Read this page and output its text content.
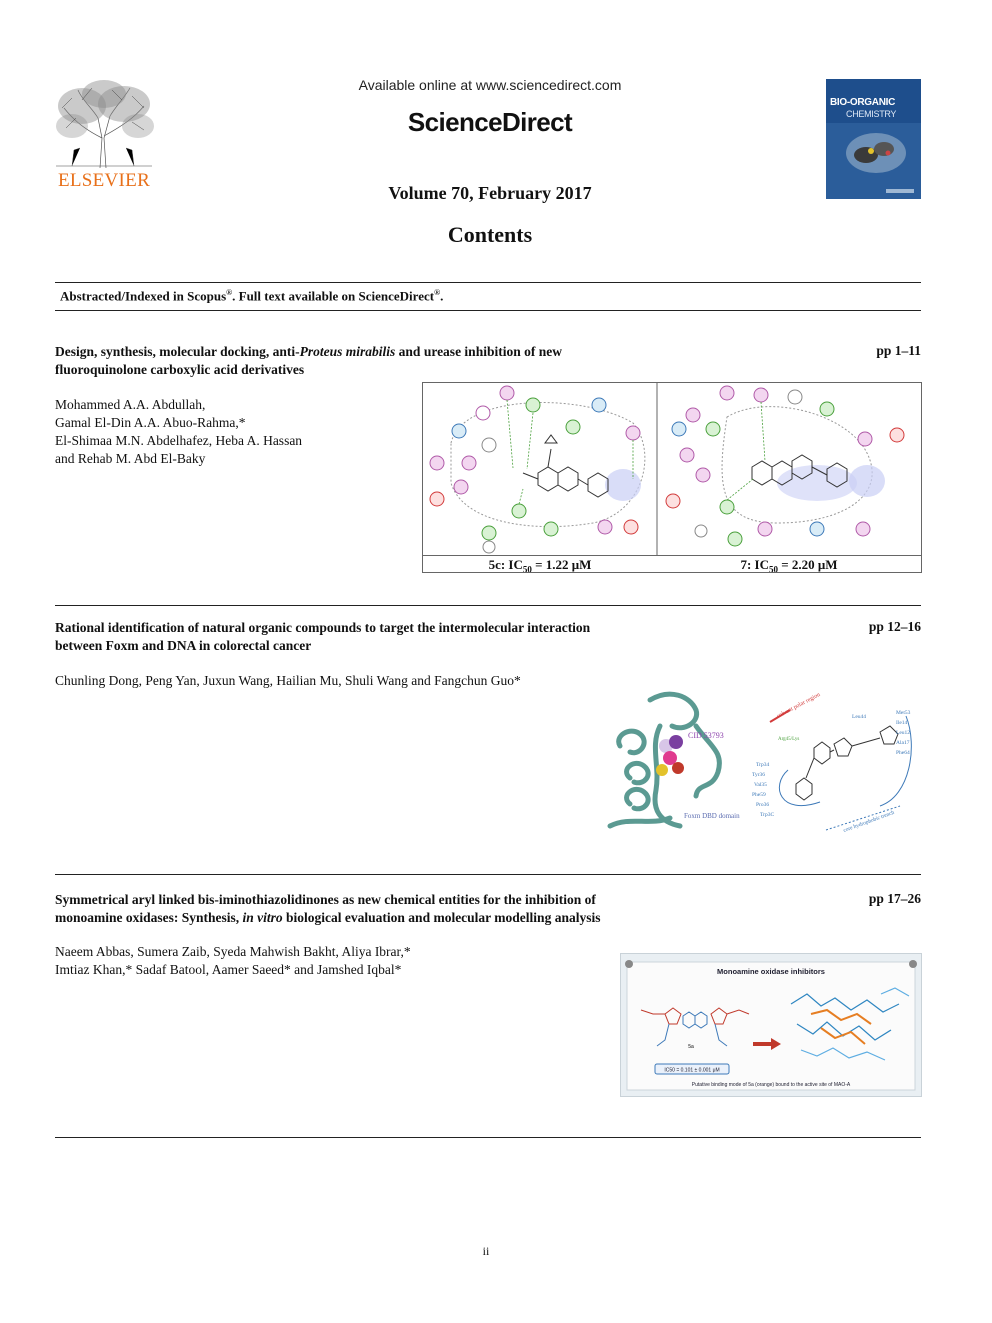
ELSEVIER
Available online at www.sciencedirect.com
ScienceDirect
Volume 70, February 2017
Contents
BIO-ORGANIC
CHEMISTRY
Abstracted/Indexed in Scopus®. Full text available on ScienceDirect®.
Design, synthesis, molecular docking, anti-Proteus mirabilis and urease inhibition of new
fluoroquinolone carboxylic acid derivatives
pp 1–11
Mohammed A.A. Abdullah,
Gamal El-Din A.A. Abuo-Rahma,*
El-Shimaa M.N. Abdelhafez, Heba A. Hassan
and Rehab M. Abd El-Baky
5c: $IC_{50} = 1.22$ μM	7: $IC_{50} = 2.20$ μM
Rational identification of natural organic compounds to target the intermolecular interaction
between Foxm and DNA in colorectal cancer
pp 12–16
Chunling Dong, Peng Yan, Juxun Wang, Hailian Mu, Shuli Wang and Fangchun Guo*
CID 53793
Foxm DBD domain
solvent polar region
Arg45/Lys
core hydrophobic trench
Trp34
Tyr36
Val35
Phe59
Pro36
Trp3C
Leu44
Met53
Ile14
Leu12
Ala17
Phe64
Symmetrical aryl linked bis-iminothiazolidinones as new chemical entities for the inhibition of
monoamine oxidases: Synthesis, in vitro biological evaluation and molecular modelling analysis
pp 17–26
Naeem Abbas, Sumera Zaib, Syeda Mahwish Bakht, Aliya Ibrar,*
Imtiaz Khan,* Sadaf Batool, Aamer Saeed* and Jamshed Iqbal*	Monoamine oxidase inhibitors
5a
IC50 = 0.101 ± 0.001 μM
Putative binding mode of 5a (orange) bound to the active site of MAO-A
ii
